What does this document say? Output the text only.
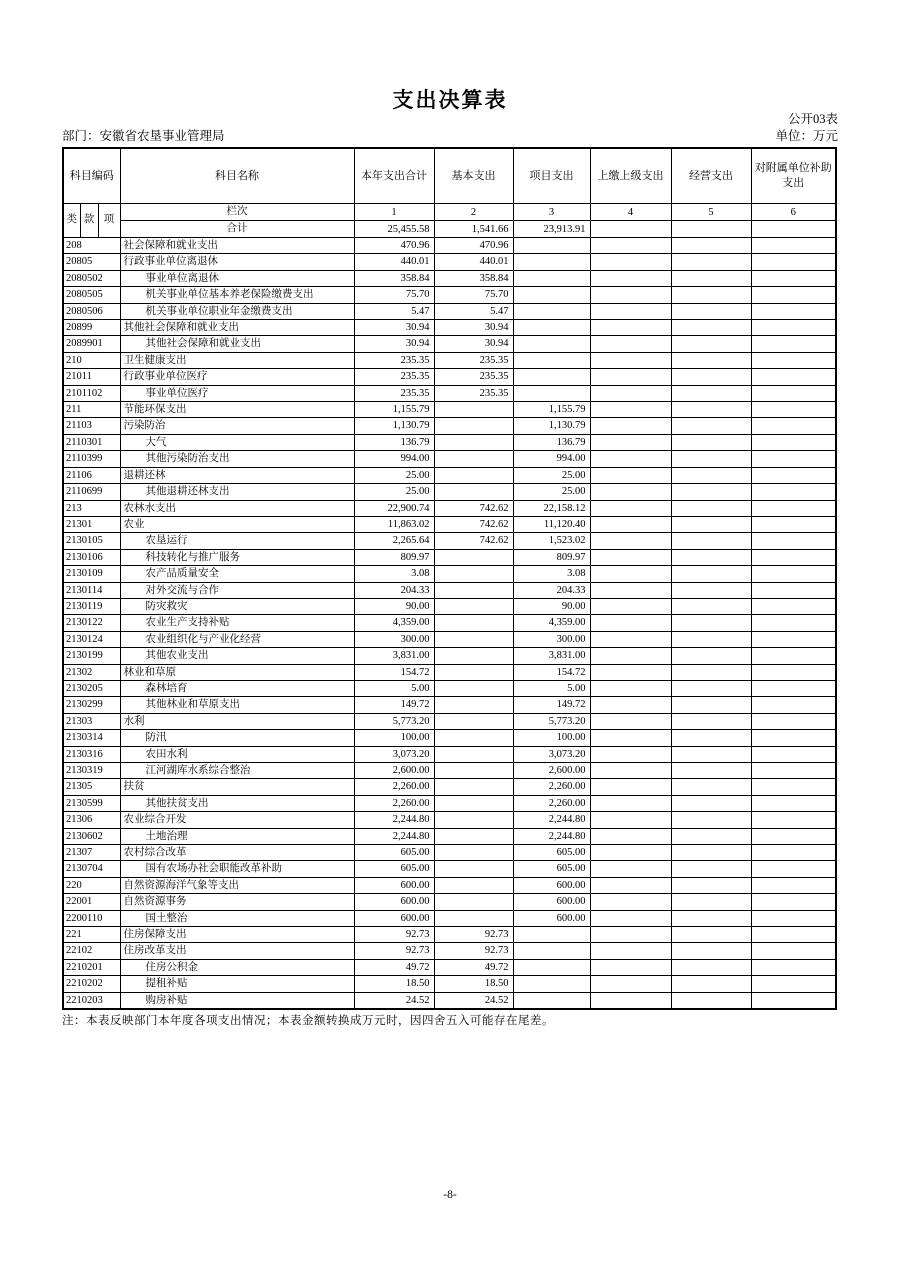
支出决算表
公开03表
部门：安徽省农垦事业管理局	单位：万元
科目编码			科目名称	本年支出合计	基本支出	项目支出	上缴上级支出	经营支出	对附属单位补助支出
类	款	项	栏次	1	2	3	4	5	6
			合计	25,455.58	1,541.66	23,913.91			
208			社会保障和就业支出	470.96	470.96				
20805			行政事业单位离退休	440.01	440.01				
2080502			事业单位离退休	358.84	358.84				
2080505			机关事业单位基本养老保险缴费支出	75.70	75.70				
2080506			机关事业单位职业年金缴费支出	5.47	5.47				
20899			其他社会保障和就业支出	30.94	30.94				
2089901			其他社会保障和就业支出	30.94	30.94				
210			卫生健康支出	235.35	235.35				
21011			行政事业单位医疗	235.35	235.35				
2101102			事业单位医疗	235.35	235.35				
211			节能环保支出	1,155.79		1,155.79			
21103			污染防治	1,130.79		1,130.79			
2110301			大气	136.79		136.79			
2110399			其他污染防治支出	994.00		994.00			
21106			退耕还林	25.00		25.00			
2110699			其他退耕还林支出	25.00		25.00			
213			农林水支出	22,900.74	742.62	22,158.12			
21301			农业	11,863.02	742.62	11,120.40			
2130105			农垦运行	2,265.64	742.62	1,523.02			
2130106			科技转化与推广服务	809.97		809.97			
2130109			农产品质量安全	3.08		3.08			
2130114			对外交流与合作	204.33		204.33			
2130119			防灾救灾	90.00		90.00			
2130122			农业生产支持补贴	4,359.00		4,359.00			
2130124			农业组织化与产业化经营	300.00		300.00			
2130199			其他农业支出	3,831.00		3,831.00			
21302			林业和草原	154.72		154.72			
2130205			森林培育	5.00		5.00			
2130299			其他林业和草原支出	149.72		149.72			
21303			水利	5,773.20		5,773.20			
2130314			防汛	100.00		100.00			
2130316			农田水利	3,073.20		3,073.20			
2130319			江河湖库水系综合整治	2,600.00		2,600.00			
21305			扶贫	2,260.00		2,260.00			
2130599			其他扶贫支出	2,260.00		2,260.00			
21306			农业综合开发	2,244.80		2,244.80			
2130602			土地治理	2,244.80		2,244.80			
21307			农村综合改革	605.00		605.00			
2130704			国有农场办社会职能改革补助	605.00		605.00			
220			自然资源海洋气象等支出	600.00		600.00			
22001			自然资源事务	600.00		600.00			
2200110			国土整治	600.00		600.00			
221			住房保障支出	92.73	92.73				
22102			住房改革支出	92.73	92.73				
2210201			住房公积金	49.72	49.72				
2210202			提租补贴	18.50	18.50				
2210203			购房补贴	24.52	24.52				
注：本表反映部门本年度各项支出情况；本表金额转换成万元时，因四舍五入可能存在尾差。
-8-
